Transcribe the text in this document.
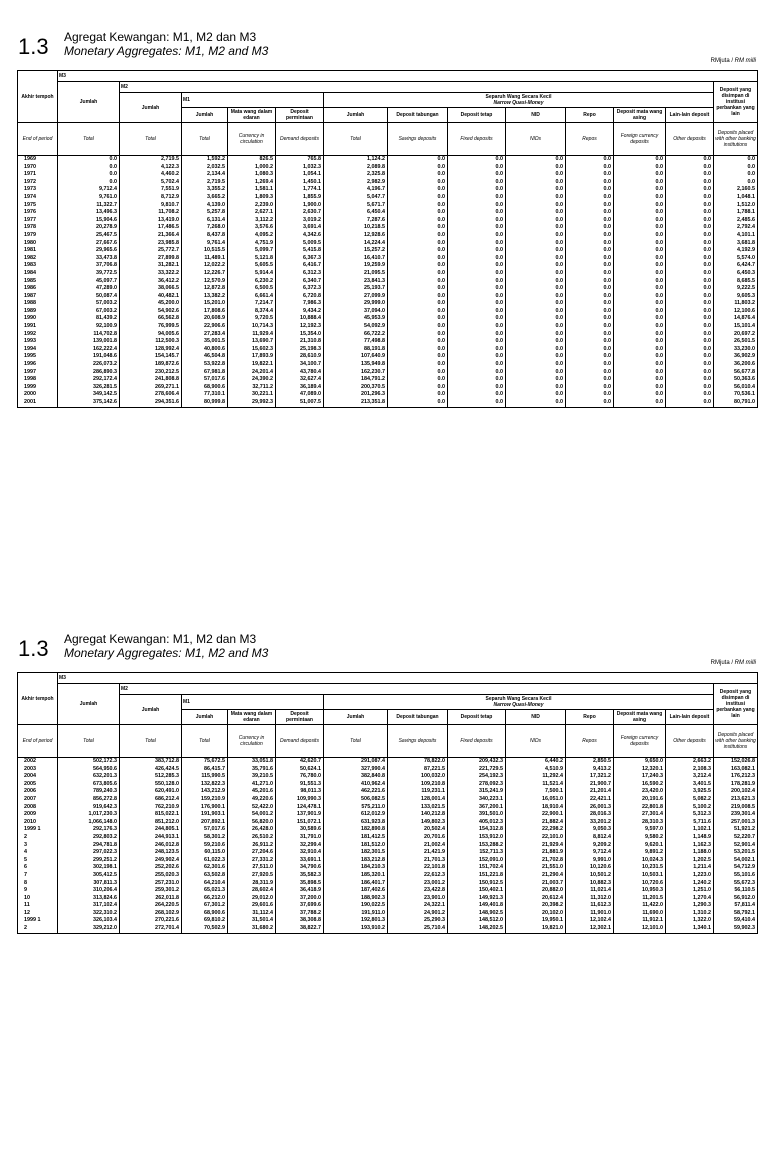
1.3 Agregat Kewangan: M1, M2 dan M3
Monetary Aggregates: M1, M2 and M3
RMjuta / RM milli
Akhir tempoh	M3												
	Jumlah	M2											Deposit yang disimpan di institusi perbankan yang lain
		Jumlah	M1			Separuh Wang Secara Kecil
Narrow Quasi-Money							
			Jumlah	Mata wang dalam edaran	Deposit permintaan	Jumlah	Deposit tabungan	Deposit tetap	NID	Repo	Deposit mata wang asing	Lain-lain deposit	
End of period	Total	Total	Total	Currency in circulation	Demand deposits	Total	Savings deposits	Fixed deposits	NIDs	Repos	Foreign currency deposits	Other deposits	Deposits placed with other banking institutions
1969	0.0	2,719.5	1,592.2	826.5	765.8	1,124.2	0.0	0.0	0.0	0.0	0.0	0.0	0.0
1970	0.0	4,122.3	2,032.5	1,000.2	1,032.3	2,089.8	0.0	0.0	0.0	0.0	0.0	0.0	0.0
1971	0.0	4,460.2	2,134.4	1,080.3	1,054.1	2,325.8	0.0	0.0	0.0	0.0	0.0	0.0	0.0
1972	0.0	5,702.4	2,719.5	1,269.4	1,450.1	2,982.9	0.0	0.0	0.0	0.0	0.0	0.0	0.0
1973	9,712.4	7,551.9	3,355.2	1,581.1	1,774.1	4,196.7	0.0	0.0	0.0	0.0	0.0	0.0	2,160.5
1974	9,761.0	8,712.9	3,665.2	1,809.3	1,855.9	5,047.7	0.0	0.0	0.0	0.0	0.0	0.0	1,048.1
1975	11,322.7	9,810.7	4,139.0	2,239.0	1,900.0	5,671.7	0.0	0.0	0.0	0.0	0.0	0.0	1,512.0
1976	13,496.3	11,708.2	5,257.8	2,627.1	2,630.7	6,450.4	0.0	0.0	0.0	0.0	0.0	0.0	1,788.1
1977	15,904.6	13,419.0	6,131.4	3,112.2	3,019.2	7,287.6	0.0	0.0	0.0	0.0	0.0	0.0	2,485.6
1978	20,278.9	17,486.5	7,268.0	3,576.6	3,691.4	10,218.5	0.0	0.0	0.0	0.0	0.0	0.0	2,792.4
1979	25,467.5	21,366.4	8,437.8	4,095.2	4,342.6	12,928.6	0.0	0.0	0.0	0.0	0.0	0.0	4,101.1
1980	27,667.6	23,985.8	9,761.4	4,751.9	5,009.5	14,224.4	0.0	0.0	0.0	0.0	0.0	0.0	3,681.8
1981	29,965.6	25,772.7	10,515.5	5,099.7	5,415.8	15,257.2	0.0	0.0	0.0	0.0	0.0	0.0	4,192.9
1982	33,473.8	27,899.8	11,489.1	5,121.8	6,367.3	16,410.7	0.0	0.0	0.0	0.0	0.0	0.0	5,574.0
1983	37,706.8	31,282.1	12,022.2	5,605.5	6,416.7	19,259.9	0.0	0.0	0.0	0.0	0.0	0.0	6,424.7
1984	39,772.5	33,322.2	12,226.7	5,914.4	6,312.3	21,095.5	0.0	0.0	0.0	0.0	0.0	0.0	6,450.3
1985	45,097.7	36,412.2	12,570.9	6,230.2	6,340.7	23,841.3	0.0	0.0	0.0	0.0	0.0	0.0	8,685.5
1986	47,289.0	38,066.5	12,872.8	6,500.5	6,372.3	25,193.7	0.0	0.0	0.0	0.0	0.0	0.0	9,222.5
1987	50,087.4	40,482.1	13,382.2	6,661.4	6,720.8	27,099.9	0.0	0.0	0.0	0.0	0.0	0.0	9,605.3
1988	57,003.2	45,200.0	15,201.0	7,214.7	7,986.3	29,999.0	0.0	0.0	0.0	0.0	0.0	0.0	11,803.2
1989	67,003.2	54,902.6	17,808.6	8,374.4	9,434.2	37,094.0	0.0	0.0	0.0	0.0	0.0	0.0	12,100.6
1990	81,439.2	66,562.8	20,608.9	9,720.5	10,888.4	45,953.9	0.0	0.0	0.0	0.0	0.0	0.0	14,876.4
1991	92,100.9	76,999.5	22,906.6	10,714.3	12,192.3	54,092.9	0.0	0.0	0.0	0.0	0.0	0.0	15,101.4
1992	114,702.8	94,005.6	27,283.4	11,929.4	15,354.0	66,722.2	0.0	0.0	0.0	0.0	0.0	0.0	20,697.2
1993	139,001.8	112,500.3	35,001.5	13,690.7	21,310.8	77,498.8	0.0	0.0	0.0	0.0	0.0	0.0	26,501.5
1994	162,222.4	128,992.4	40,800.6	15,602.3	25,198.3	88,191.8	0.0	0.0	0.0	0.0	0.0	0.0	33,230.0
1995	191,048.6	154,145.7	46,504.8	17,893.9	28,610.9	107,640.9	0.0	0.0	0.0	0.0	0.0	0.0	36,902.9
1996	226,073.2	189,872.6	53,922.8	19,822.1	34,100.7	135,949.8	0.0	0.0	0.0	0.0	0.0	0.0	36,200.6
1997	286,890.3	230,212.5	67,981.8	24,201.4	43,780.4	162,230.7	0.0	0.0	0.0	0.0	0.0	0.0	56,677.8
1998	292,172.4	241,808.8	57,017.6	24,390.2	32,627.4	184,791.2	0.0	0.0	0.0	0.0	0.0	0.0	50,363.6
1999	326,281.5	269,271.1	68,900.6	32,711.2	36,189.4	200,370.5	0.0	0.0	0.0	0.0	0.0	0.0	56,010.4
2000	349,142.5	278,606.4	77,310.1	30,221.1	47,089.0	201,296.3	0.0	0.0	0.0	0.0	0.0	0.0	70,536.1
2001	375,142.6	294,351.6	80,999.8	29,992.3	51,007.5	213,351.8	0.0	0.0	0.0	0.0	0.0	0.0	80,791.0
1.3 Agregat Kewangan: M1, M2 dan M3
Monetary Aggregates: M1, M2 and M3
RMjuta / RM milli
Akhir tempoh	M3												
	Jumlah	M2											Deposit yang disimpan di institusi perbankan yang lain
		Jumlah	M1			Separuh Wang Secara Kecil
Narrow Quasi-Money							
			Jumlah	Mata wang dalam edaran	Deposit permintaan	Jumlah	Deposit tabungan	Deposit tetap	NID	Repo	Deposit mata wang asing	Lain-lain deposit	
End of period	Total	Total	Total	Currency in circulation	Demand deposits	Total	Savings deposits	Fixed deposits	NIDs	Repos	Foreign currency deposits	Other deposits	Deposits placed with other banking institutions
2002	502,172.3	383,712.8	75,672.5	33,051.8	42,620.7	291,087.4	78,822.0	209,432.3	6,440.2	2,850.5	9,650.0	2,663.2	152,026.8
2003	564,950.6	426,424.5	86,415.7	35,791.6	50,624.1	327,990.4	87,221.5	221,729.5	4,510.9	9,413.2	12,320.1	2,108.3	163,082.1
2004	632,201.3	512,285.3	115,990.5	39,210.5	76,780.0	382,840.8	100,032.0	254,192.3	11,292.4	17,321.2	17,240.3	3,212.4	176,212.3
2005	673,805.6	550,128.0	132,822.3	41,271.0	91,551.3	410,962.4	109,210.8	278,092.3	11,521.4	21,900.7	16,590.2	3,401.5	178,281.9
2006	789,240.3	620,491.0	143,212.9	45,201.6	98,011.3	462,221.6	119,231.1	315,241.9	7,500.1	21,201.4	23,420.0	3,925.5	200,102.4
2007	856,272.8	686,212.4	159,210.9	49,220.6	109,990.3	506,082.5	128,001.4	340,223.1	16,051.0	22,421.1	20,191.6	5,082.2	213,621.3
2008	919,642.3	762,210.9	176,900.1	52,422.0	124,478.1	575,211.0	133,021.5	367,200.1	18,910.4	26,001.3	22,801.8	5,100.2	219,008.5
2009	1,017,230.3	815,022.1	191,903.1	54,001.2	137,901.9	612,012.9	140,212.8	391,501.0	22,900.1	28,016.3	27,301.4	5,312.3	239,301.4
2010	1,066,148.0	851,212.0	207,892.1	56,820.0	151,072.1	631,923.8	149,802.3	405,012.3	21,882.4	33,201.2	28,310.3	5,711.6	257,001.3
1999 1	292,176.3	244,805.1	57,017.6	26,428.0	30,589.6	182,890.8	20,502.4	154,312.8	22,298.2	9,050.3	9,597.0	1,102.1	51,921.2
2	292,803.2	244,913.1	58,301.2	26,510.2	31,791.0	181,412.5	20,701.6	153,912.0	22,101.0	8,812.4	9,580.2	1,148.9	52,220.7
3	294,781.8	246,012.8	59,210.6	26,911.2	32,299.4	181,512.0	21,002.4	153,288.2	21,929.4	9,209.2	9,620.1	1,162.3	52,901.4
4	297,022.3	248,123.5	60,115.0	27,204.6	32,910.4	182,301.5	21,421.9	152,711.3	21,881.9	9,712.4	9,891.2	1,188.0	53,201.5
5	299,251.2	249,902.4	61,022.3	27,331.2	33,691.1	183,212.8	21,701.3	152,091.0	21,702.8	9,991.0	10,024.3	1,202.5	54,002.1
6	302,198.1	252,202.6	62,301.6	27,511.0	34,790.6	184,210.3	22,101.8	151,702.4	21,551.0	10,120.6	10,231.5	1,211.4	54,712.9
7	305,412.5	255,020.3	63,502.8	27,920.5	35,582.3	185,320.1	22,612.3	151,221.8	21,290.4	10,501.2	10,503.1	1,223.0	55,101.6
8	307,811.3	257,231.0	64,210.4	28,311.9	35,898.5	186,401.7	23,001.2	150,912.5	21,003.7	10,882.3	10,720.6	1,240.2	55,672.3
9	310,206.4	259,301.2	65,021.3	28,602.4	36,418.9	187,402.6	23,422.8	150,402.1	20,882.0	11,021.4	10,950.3	1,251.0	56,110.5
10	313,824.6	262,011.8	66,212.0	29,012.0	37,200.0	188,902.3	23,901.0	149,921.3	20,612.4	11,312.0	11,201.5	1,270.4	56,912.0
11	317,102.4	264,220.5	67,301.2	29,601.6	37,699.6	190,022.5	24,322.1	149,401.8	20,398.2	11,612.3	11,422.0	1,290.3	57,811.4
12	322,310.2	268,102.9	68,900.6	31,112.4	37,788.2	191,911.0	24,901.2	148,902.5	20,102.0	11,901.0	11,690.0	1,310.2	58,792.1
1999 1	326,103.4	270,221.6	69,810.2	31,501.4	38,308.8	192,801.3	25,290.3	148,512.0	19,950.1	12,102.4	11,912.1	1,322.0	59,410.4
2	329,212.0	272,701.4	70,502.9	31,680.2	38,822.7	193,910.2	25,710.4	148,202.5	19,821.0	12,302.1	12,101.0	1,340.1	59,902.3
